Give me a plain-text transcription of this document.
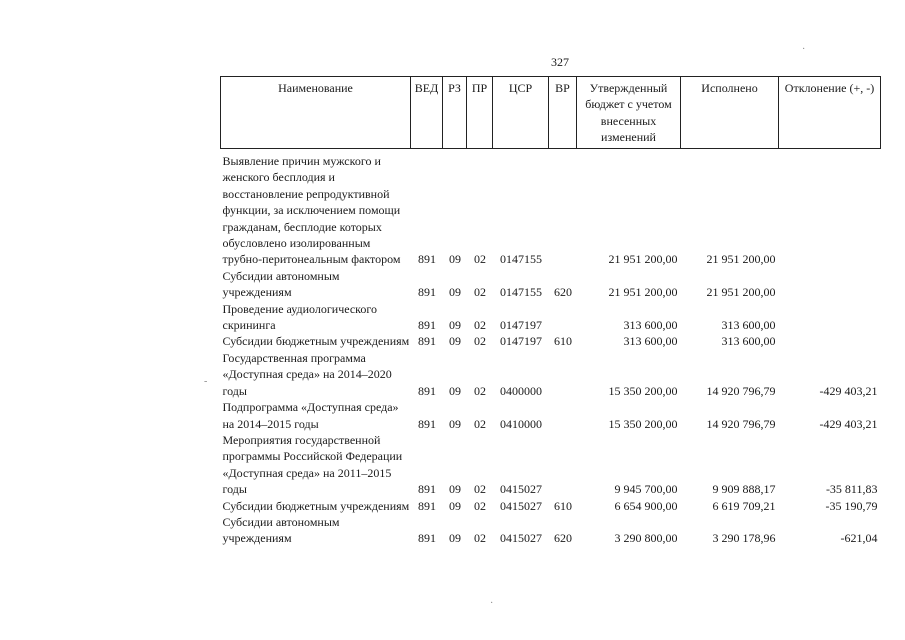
327
Наименование	ВЕД	РЗ	ПР	ЦСР	ВР	Утвержденный бюджет с учетом внесенных изменений	Исполнено	Отклонение (+, -)
Выявление причин мужского и женского бесплодия и восстановление репродуктивной функции, за исключением помощи гражданам, бесплодие которых обусловлено изолированным трубно-перитонеальным фактором	891	09	02	0147155		21 951 200,00	21 951 200,00	
Субсидии автономным учреждениям	891	09	02	0147155	620	21 951 200,00	21 951 200,00	
Проведение аудиологического скрининга	891	09	02	0147197		313 600,00	313 600,00	
Субсидии бюджетным учреждениям	891	09	02	0147197	610	313 600,00	313 600,00	
Государственная программа «Доступная среда» на 2014–2020 годы	891	09	02	0400000		15 350 200,00	14 920 796,79	-429 403,21
Подпрограмма «Доступная среда» на 2014–2015 годы	891	09	02	0410000		15 350 200,00	14 920 796,79	-429 403,21
Мероприятия государственной программы Российской Федерации «Доступная среда» на 2011–2015 годы	891	09	02	0415027		9 945 700,00	9 909 888,17	-35 811,83
Субсидии бюджетным учреждениям	891	09	02	0415027	610	6 654 900,00	6 619 709,21	-35 190,79
Субсидии автономным учреждениям	891	09	02	0415027	620	3 290 800,00	3 290 178,96	-621,04
·
-
·
